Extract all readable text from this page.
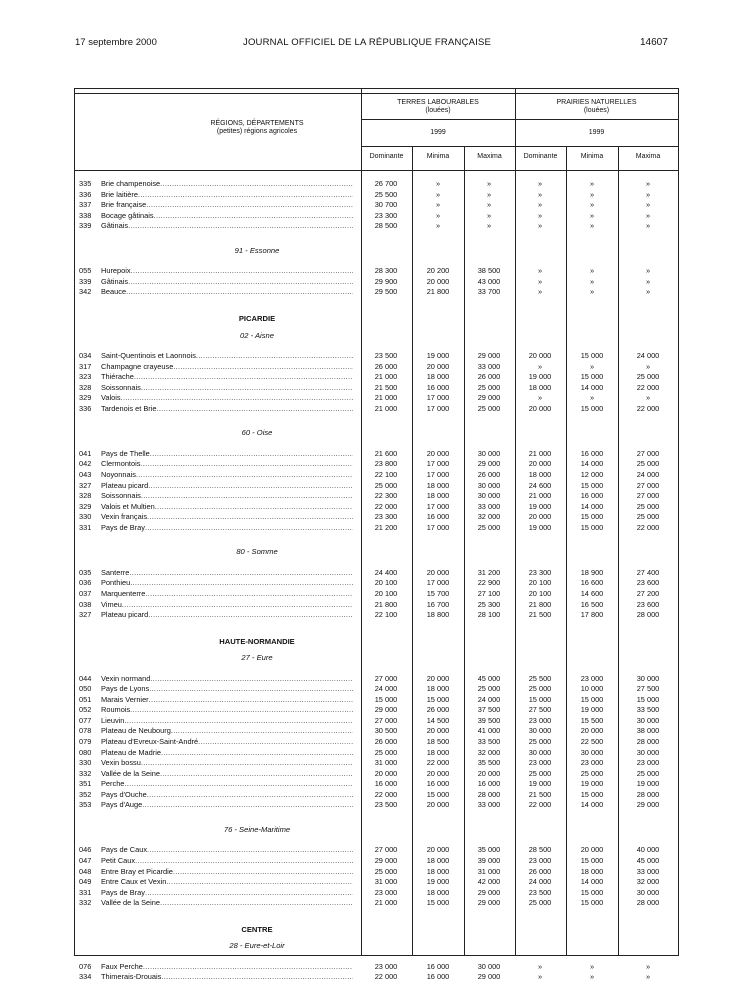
17 septembre 2000	JOURNAL OFFICIEL DE LA RÉPUBLIQUE FRANÇAISE	14607
RÉGIONS, DÉPARTEMENTS
(petites) régions agricoles
TERRES LABOURABLES
(louées)
PRAIRIES NATURELLES
(louées)
1999	1999
Dominante	Minima	Maxima	Dominante	Minima	Maxima
335	Brie champenoise .....	26 700	»	»	»	»	»
336	Brie laitière .....	25 500	»	»	»	»	»
337	Brie française .....	30 700	»	»	»	»	»
338	Bocage gâtinais .....	23 300	»	»	»	»	»
339	Gâtinais .....	28 500	»	»	»	»	»
91 - Essonne
055	Hurepoix .....	28 300	20 200	38 500	»	»	»
339	Gâtinais .....	29 900	20 000	43 000	»	»	»
342	Beauce .....	29 500	21 800	33 700	»	»	»
PICARDIE
02 - Aisne
034	Saint-Quentinois et Laonnois .....	23 500	19 000	29 000	20 000	15 000	24 000
317	Champagne crayeuse .....	26 000	20 000	33 000	»	»	»
323	Thiérache .....	21 000	18 000	26 000	19 000	15 000	25 000
328	Soissonnais .....	21 500	16 000	25 000	18 000	14 000	22 000
329	Valois .....	21 000	17 000	29 000	»	»	»
336	Tardenois et Brie .....	21 000	17 000	25 000	20 000	15 000	22 000
60 - Oise
041	Pays de Thelle .....	21 600	20 000	30 000	21 000	16 000	27 000
042	Clermontois .....	23 800	17 000	29 000	20 000	14 000	25 000
043	Noyonnais .....	22 100	17 000	26 000	18 000	12 000	24 000
327	Plateau picard .....	25 000	18 000	30 000	24 600	15 000	27 000
328	Soissonnais .....	22 300	18 000	30 000	21 000	16 000	27 000
329	Valois et Multien .....	22 000	17 000	33 000	19 000	14 000	25 000
330	Vexin français .....	23 300	16 000	32 000	20 000	15 000	25 000
331	Pays de Bray .....	21 200	17 000	25 000	19 000	15 000	22 000
80 - Somme
035	Santerre .....	24 400	20 000	31 200	23 300	18 900	27 400
036	Ponthieu .....	20 100	17 000	22 900	20 100	16 600	23 600
037	Marquenterre .....	20 100	15 700	27 100	20 100	14 600	27 200
038	Vimeu .....	21 800	16 700	25 300	21 800	16 500	23 600
327	Plateau picard .....	22 100	18 800	28 100	21 500	17 800	28 000
HAUTE-NORMANDIE
27 - Eure
044	Vexin normand .....	27 000	20 000	45 000	25 500	23 000	30 000
050	Pays de Lyons .....	24 000	18 000	25 000	25 000	10 000	27 500
051	Marais Vernier .....	15 000	15 000	24 000	15 000	15 000	15 000
052	Roumois .....	29 000	26 000	37 500	27 500	19 000	33 500
077	Lieuvin .....	27 000	14 500	39 500	23 000	15 500	30 000
078	Plateau de Neubourg .....	30 500	20 000	41 000	30 000	20 000	38 000
079	Plateau d'Evreux-Saint-André .....	26 000	18 500	33 500	25 000	22 500	28 000
080	Plateau de Madrie .....	25 000	18 000	32 000	30 000	30 000	30 000
330	Vexin bossu .....	31 000	22 000	35 500	23 000	23 000	23 000
332	Vallée de la Seine .....	20 000	20 000	20 000	25 000	25 000	25 000
351	Perche .....	16 000	16 000	16 000	19 000	19 000	19 000
352	Pays d'Ouche .....	22 000	15 000	28 000	21 500	15 000	28 000
353	Pays d'Auge .....	23 500	20 000	33 000	22 000	14 000	29 000
76 - Seine-Maritime
046	Pays de Caux .....	27 000	20 000	35 000	28 500	20 000	40 000
047	Petit Caux .....	29 000	18 000	39 000	23 000	15 000	45 000
048	Entre Bray et Picardie .....	25 000	18 000	31 000	26 000	18 000	33 000
049	Entre Caux et Vexin .....	31 000	19 000	42 000	24 000	14 000	32 000
331	Pays de Bray .....	23 000	18 000	29 000	23 500	15 000	30 000
332	Vallée de la Seine .....	21 000	15 000	29 000	25 000	15 000	28 000
CENTRE
28 - Eure-et-Loir
076	Faux Perche .....	23 000	16 000	30 000	»	»	»
334	Thimerais-Drouais .....	22 000	16 000	29 000	»	»	»
